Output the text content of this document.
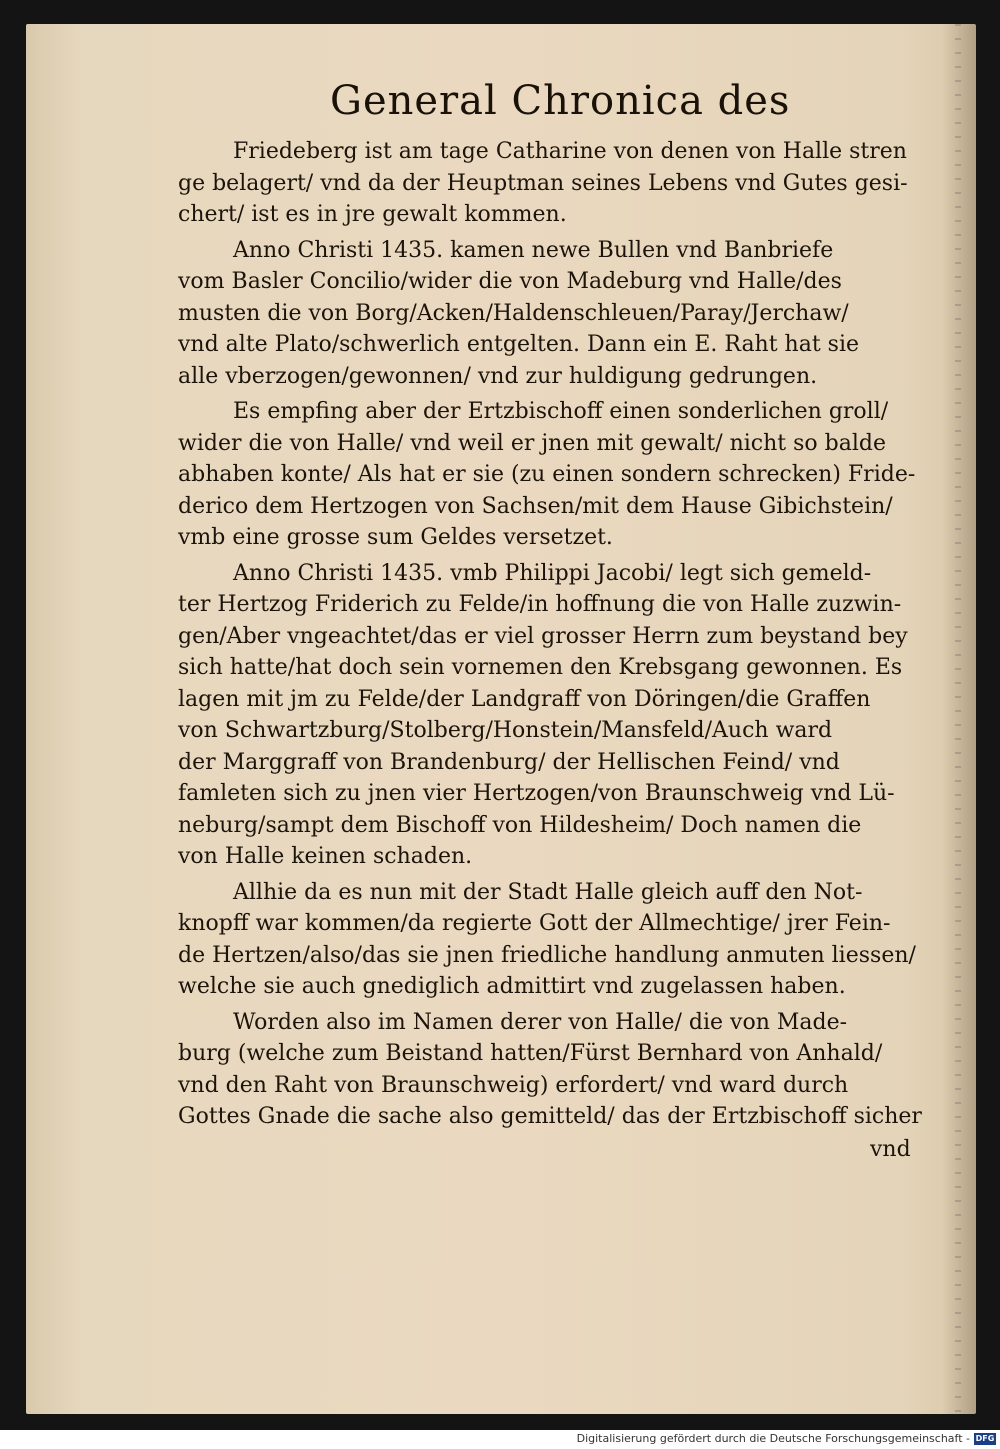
General Chronica des
Friedeberg ist am tage Catharine von denen von Halle stren
ge belagert/ vnd da der Heuptman seines Lebens vnd Gutes gesi-
chert/ ist es in jre gewalt kommen.
Anno Christi 1435. kamen newe Bullen vnd Banbriefe
vom Basler Concilio/wider die von Madeburg vnd Halle/des
musten die von Borg/Acken/Haldenschleuen/Paray/Jerchaw/
vnd alte Plato/schwerlich entgelten. Dann ein E. Raht hat sie
alle vberzogen/gewonnen/ vnd zur huldigung gedrungen.
Es empfing aber der Ertzbischoff einen sonderlichen groll/
wider die von Halle/ vnd weil er jnen mit gewalt/ nicht so balde
abhaben konte/ Als hat er sie (zu einen sondern schrecken) Fride-
derico dem Hertzogen von Sachsen/mit dem Hause Gibichstein/
vmb eine grosse sum Geldes versetzet.
Anno Christi 1435. vmb Philippi Jacobi/ legt sich gemeld-
ter Hertzog Friderich zu Felde/in hoffnung die von Halle zuzwin-
gen/Aber vngeachtet/das er viel grosser Herrn zum beystand bey
sich hatte/hat doch sein vornemen den Krebsgang gewonnen. Es
lagen mit jm zu Felde/der Landgraff von Döringen/die Graffen
von Schwartzburg/Stolberg/Honstein/Mansfeld/Auch ward
der Marggraff von Brandenburg/ der Hellischen Feind/ vnd
famleten sich zu jnen vier Hertzogen/von Braunschweig vnd Lü-
neburg/sampt dem Bischoff von Hildesheim/ Doch namen die
von Halle keinen schaden.
Allhie da es nun mit der Stadt Halle gleich auff den Not-
knopff war kommen/da regierte Gott der Allmechtige/ jrer Fein-
de Hertzen/also/das sie jnen friedliche handlung anmuten liessen/
welche sie auch gnediglich admittirt vnd zugelassen haben.
Worden also im Namen derer von Halle/ die von Made-
burg (welche zum Beistand hatten/Fürst Bernhard von Anhald/
vnd den Raht von Braunschweig) erfordert/ vnd ward durch
Gottes Gnade die sache also gemitteld/ das der Ertzbischoff sicher
vnd
Digitalisierung gefördert durch die Deutsche Forschungsgemeinschaft - DFG
